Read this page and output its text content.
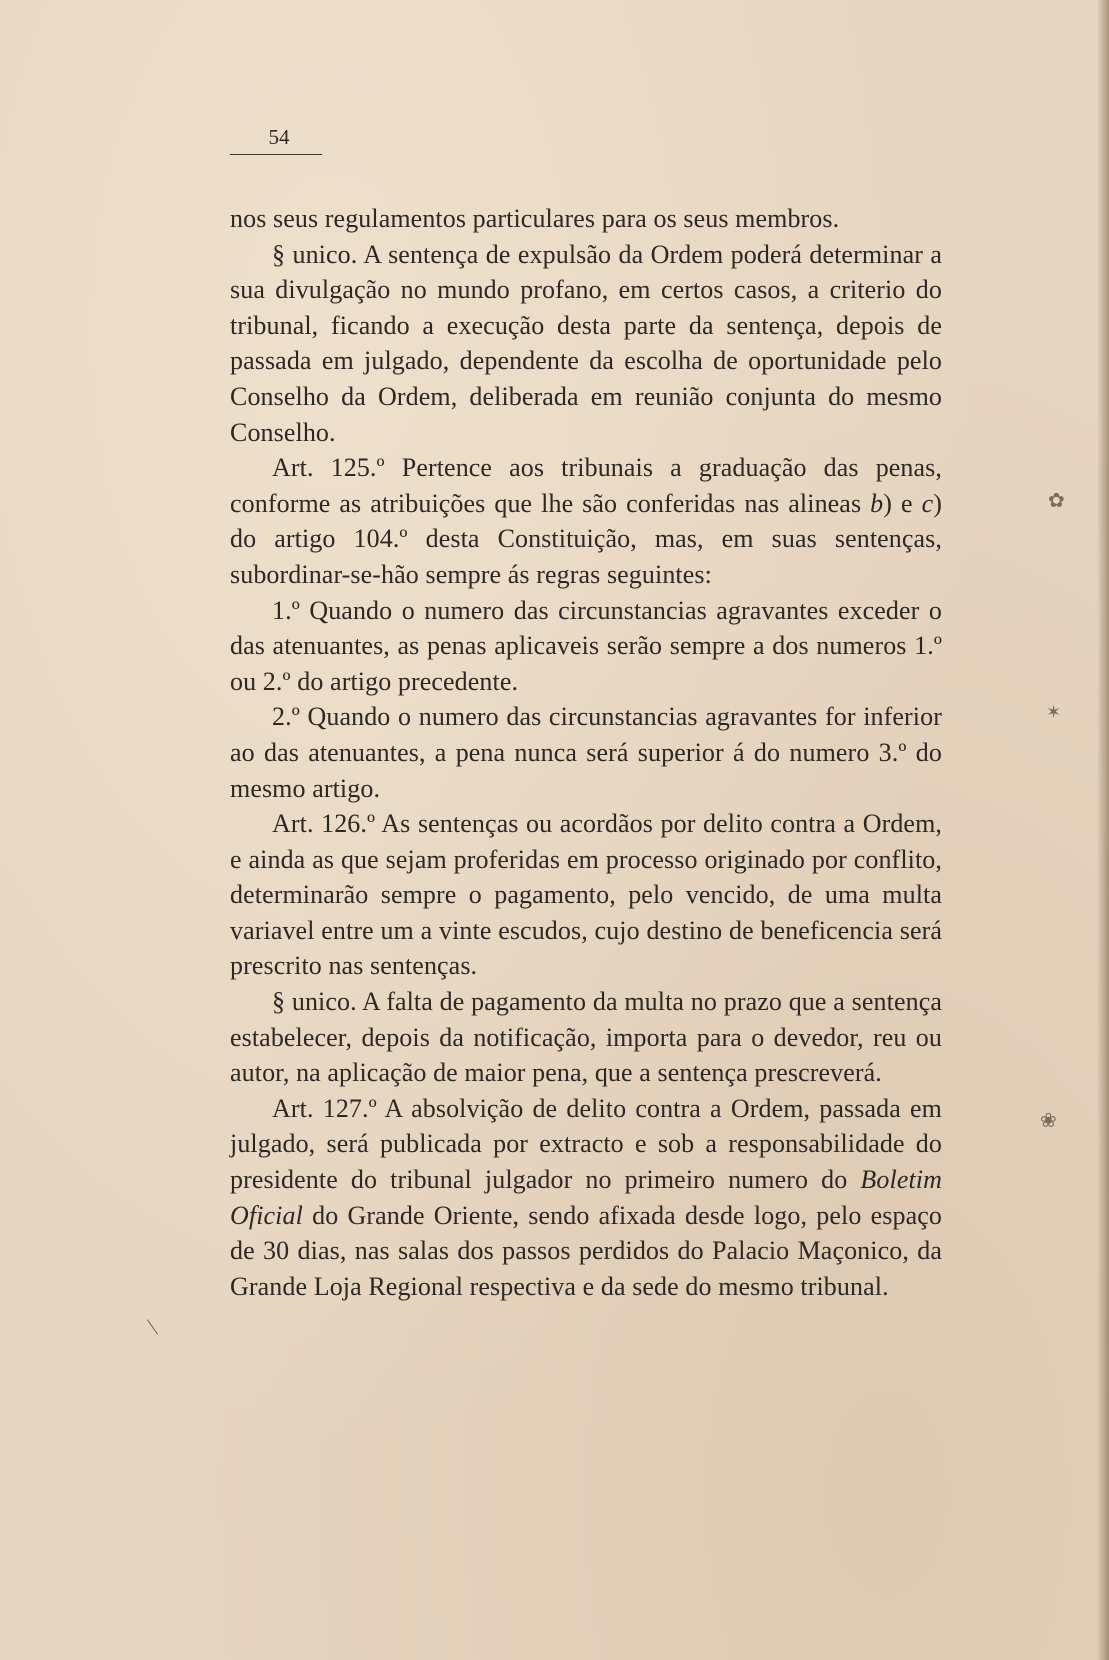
54

nos seus regulamentos particulares para os seus membros.

§ unico. A sentença de expulsão da Ordem poderá determinar a sua divulgação no mundo profano, em certos casos, a criterio do tribunal, ficando a execução desta parte da sentença, depois de passada em julgado, dependente da escolha de oportunidade pelo Conselho da Ordem, deliberada em reunião conjunta do mesmo Conselho.

Art. 125.º Pertence aos tribunais a graduação das penas, conforme as atribuições que lhe são conferidas nas alineas b) e c) do artigo 104.º desta Constituição, mas, em suas sentenças, subordinar-se-hão sempre ás regras seguintes:

1.º Quando o numero das circunstancias agravantes exceder o das atenuantes, as penas aplicaveis serão sempre a dos numeros 1.º ou 2.º do artigo precedente.

2.º Quando o numero das circunstancias agravantes for inferior ao das atenuantes, a pena nunca será superior á do numero 3.º do mesmo artigo.

Art. 126.º As sentenças ou acordãos por delito contra a Ordem, e ainda as que sejam proferidas em processo originado por conflito, determinarão sempre o pagamento, pelo vencido, de uma multa variavel entre um a vinte escudos, cujo destino de beneficencia será prescrito nas sentenças.

§ unico. A falta de pagamento da multa no prazo que a sentença estabelecer, depois da notificação, importa para o devedor, reu ou autor, na aplicação de maior pena, que a sentença prescreverá.

Art. 127.º A absolvição de delito contra a Ordem, passada em julgado, será publicada por extracto e sob a responsabilidade do presidente do tribunal julgador no primeiro numero do Boletim Oficial do Grande Oriente, sendo afixada desde logo, pelo espaço de 30 dias, nas salas dos passos perdidos do Palacio Maçonico, da Grande Loja Regional respectiva e da sede do mesmo tribunal.

✿
✶
❀
